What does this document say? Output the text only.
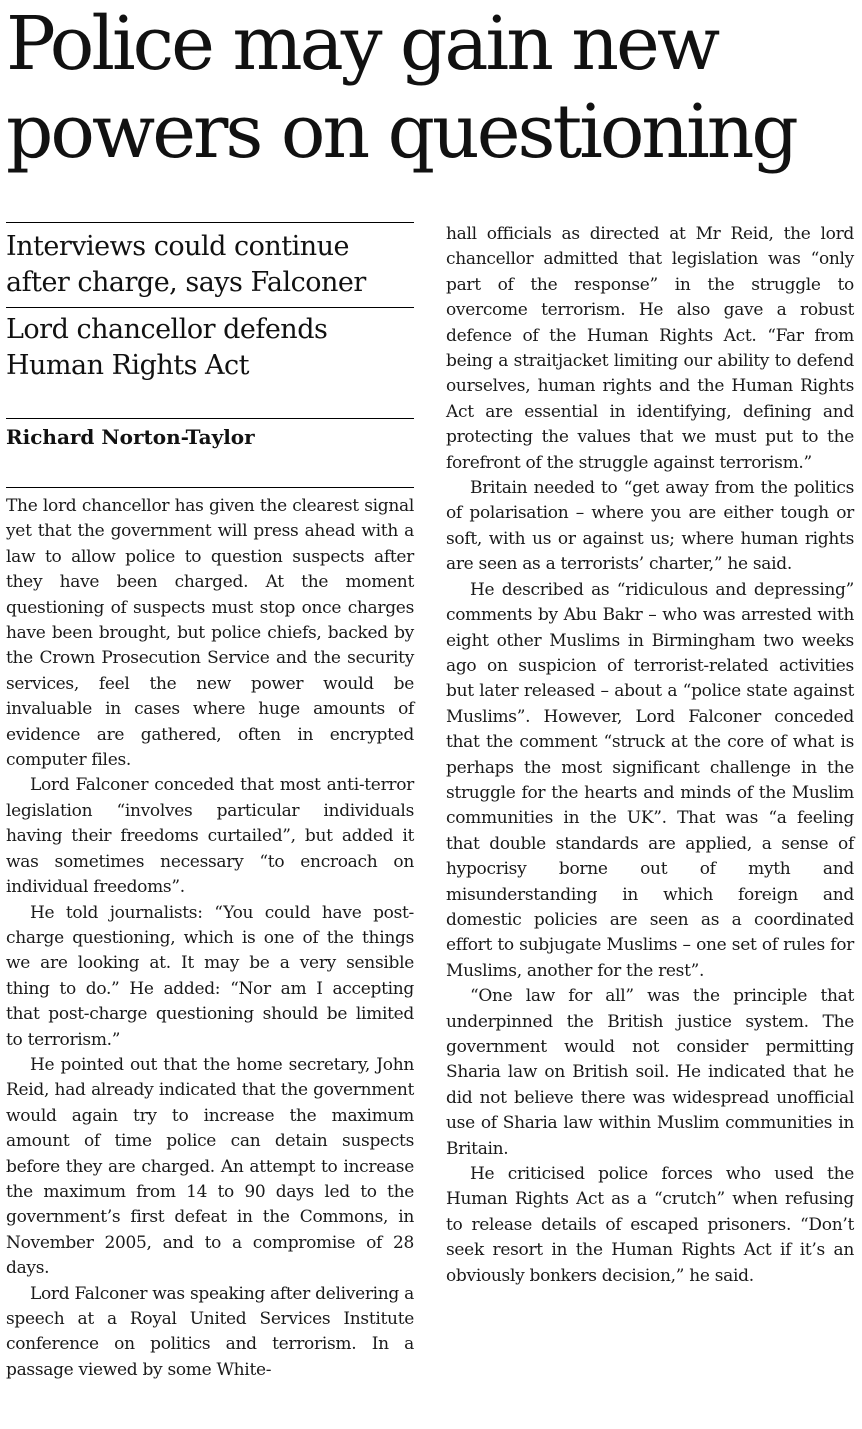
Police may gain new powers on questioning
Interviews could continue after charge, says Falconer
Lord chancellor defends Human Rights Act

Richard Norton-Taylor

The lord chancellor has given the clearest signal yet that the government will press ahead with a law to allow police to question suspects after they have been charged. At the moment questioning of suspects must stop once charges have been brought, but police chiefs, backed by the Crown Prosecution Service and the security services, feel the new power would be invaluable in cases where huge amounts of evidence are gathered, often in encrypted computer files.

Lord Falconer conceded that most anti-terror legislation “involves particular individuals having their freedoms curtailed”, but added it was sometimes necessary “to encroach on individual freedoms”.

He told journalists: “You could have post-charge questioning, which is one of the things we are looking at. It may be a very sensible thing to do.” He added: “Nor am I accepting that post-charge questioning should be limited to terrorism.”

He pointed out that the home secretary, John Reid, had already indicated that the government would again try to increase the maximum amount of time police can detain suspects before they are charged. An attempt to increase the maximum from 14 to 90 days led to the government’s first defeat in the Commons, in November 2005, and to a compromise of 28 days.

Lord Falconer was speaking after delivering a speech at a Royal United Services Institute conference on politics and terrorism. In a passage viewed by some White-

hall officials as directed at Mr Reid, the lord chancellor admitted that legislation was “only part of the response” in the struggle to overcome terrorism. He also gave a robust defence of the Human Rights Act. “Far from being a straitjacket limiting our ability to defend ourselves, human rights and the Human Rights Act are essential in identifying, defining and protecting the values that we must put to the forefront of the struggle against terrorism.”

Britain needed to “get away from the politics of polarisation – where you are either tough or soft, with us or against us; where human rights are seen as a terrorists’ charter,” he said.

He described as “ridiculous and depressing” comments by Abu Bakr – who was arrested with eight other Muslims in Birmingham two weeks ago on suspicion of terrorist-related activities but later released – about a “police state against Muslims”. However, Lord Falconer conceded that the comment “struck at the core of what is perhaps the most significant challenge in the struggle for the hearts and minds of the Muslim communities in the UK”. That was “a feeling that double standards are applied, a sense of hypocrisy borne out of myth and misunderstanding in which foreign and domestic policies are seen as a coordinated effort to subjugate Muslims – one set of rules for Muslims, another for the rest”.

“One law for all” was the principle that underpinned the British justice system. The government would not consider permitting Sharia law on British soil. He indicated that he did not believe there was widespread unofficial use of Sharia law within Muslim communities in Britain.

He criticised police forces who used the Human Rights Act as a “crutch” when refusing to release details of escaped prisoners. “Don’t seek resort in the Human Rights Act if it’s an obviously bonkers decision,” he said.
